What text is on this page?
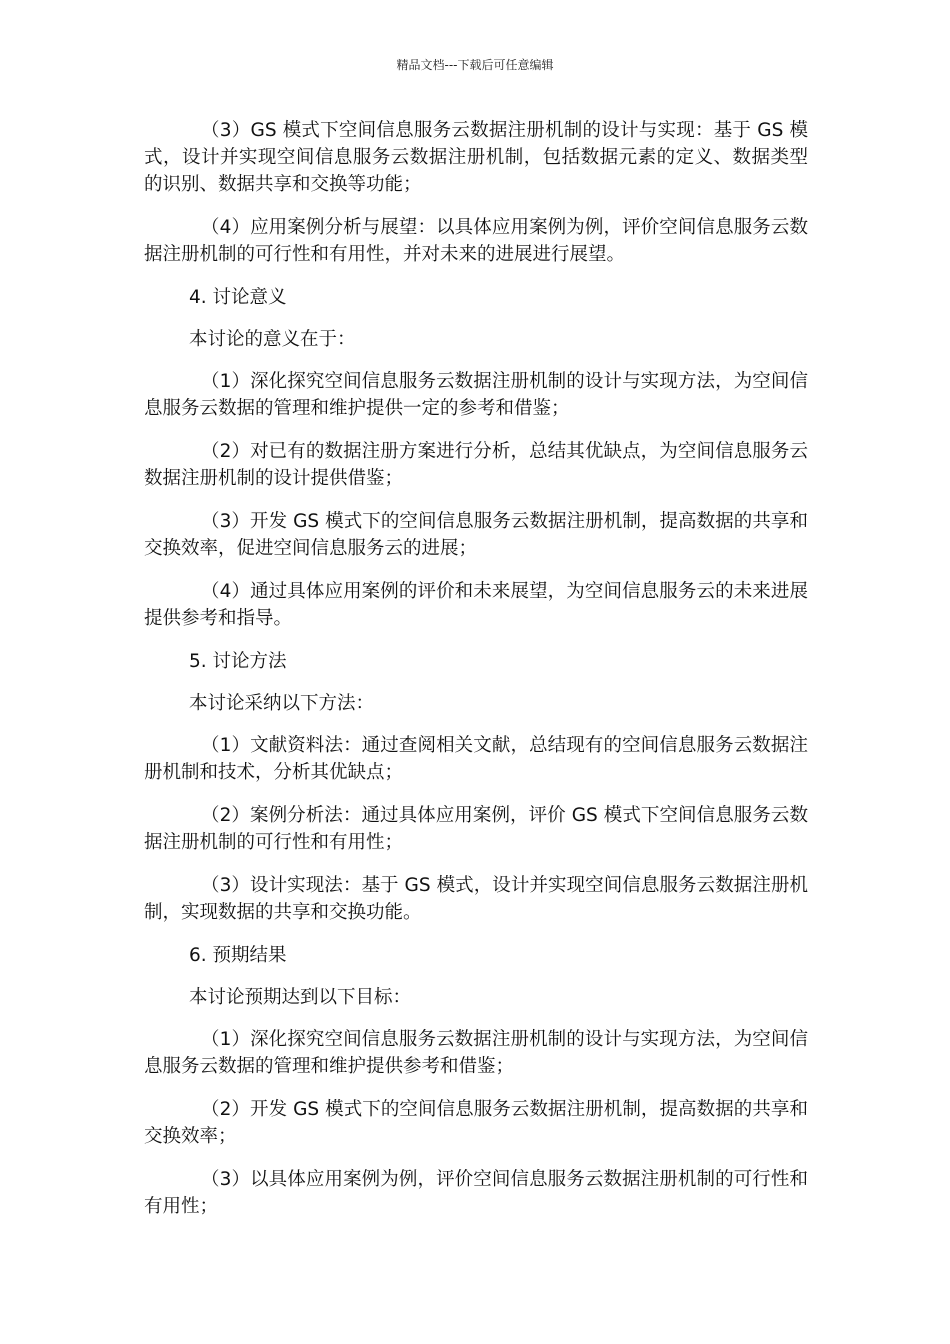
精品文档---下载后可任意编辑

（3）GS 模式下空间信息服务云数据注册机制的设计与实现：基于 GS 模式，设计并实现空间信息服务云数据注册机制，包括数据元素的定义、数据类型的识别、数据共享和交换等功能；

（4）应用案例分析与展望：以具体应用案例为例，评价空间信息服务云数据注册机制的可行性和有用性，并对未来的进展进行展望。

4. 讨论意义

本讨论的意义在于：

（1）深化探究空间信息服务云数据注册机制的设计与实现方法，为空间信息服务云数据的管理和维护提供一定的参考和借鉴；

（2）对已有的数据注册方案进行分析，总结其优缺点，为空间信息服务云数据注册机制的设计提供借鉴；

（3）开发 GS 模式下的空间信息服务云数据注册机制，提高数据的共享和交换效率，促进空间信息服务云的进展；

（4）通过具体应用案例的评价和未来展望，为空间信息服务云的未来进展提供参考和指导。

5. 讨论方法

本讨论采纳以下方法：

（1）文献资料法：通过查阅相关文献，总结现有的空间信息服务云数据注册机制和技术，分析其优缺点；

（2）案例分析法：通过具体应用案例，评价 GS 模式下空间信息服务云数据注册机制的可行性和有用性；

（3）设计实现法：基于 GS 模式，设计并实现空间信息服务云数据注册机制，实现数据的共享和交换功能。

6. 预期结果

本讨论预期达到以下目标：

（1）深化探究空间信息服务云数据注册机制的设计与实现方法，为空间信息服务云数据的管理和维护提供参考和借鉴；

（2）开发 GS 模式下的空间信息服务云数据注册机制，提高数据的共享和交换效率；

（3）以具体应用案例为例，评价空间信息服务云数据注册机制的可行性和有用性；
